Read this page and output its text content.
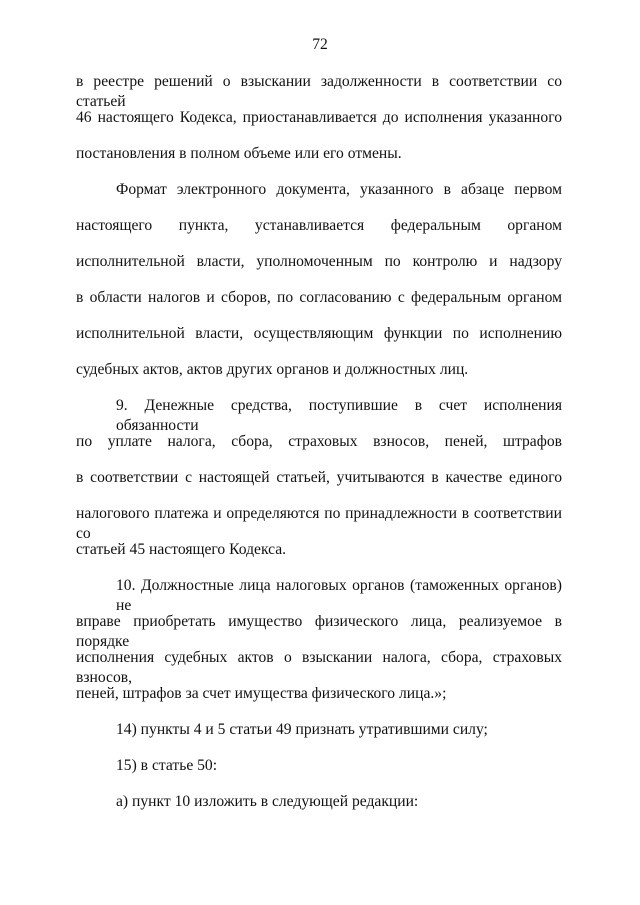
72
в реестре решений о взыскании задолженности в соответствии со статьей
46 настоящего Кодекса, приостанавливается до исполнения указанного
постановления в полном объеме или его отмены.
Формат электронного документа, указанного в абзаце первом
настоящего пункта, устанавливается федеральным органом
исполнительной власти, уполномоченным по контролю и надзору
в области налогов и сборов, по согласованию с федеральным органом
исполнительной власти, осуществляющим функции по исполнению
судебных актов, актов других органов и должностных лиц.
9. Денежные средства, поступившие в счет исполнения обязанности
по уплате налога, сбора, страховых взносов, пеней, штрафов
в соответствии с настоящей статьей, учитываются в качестве единого
налогового платежа и определяются по принадлежности в соответствии со
статьей 45 настоящего Кодекса.
10. Должностные лица налоговых органов (таможенных органов) не
вправе приобретать имущество физического лица, реализуемое в порядке
исполнения судебных актов о взыскании налога, сбора, страховых взносов,
пеней, штрафов за счет имущества физического лица.»;
14) пункты 4 и 5 статьи 49 признать утратившими силу;
15) в статье 50:
а) пункт 10 изложить в следующей редакции:
